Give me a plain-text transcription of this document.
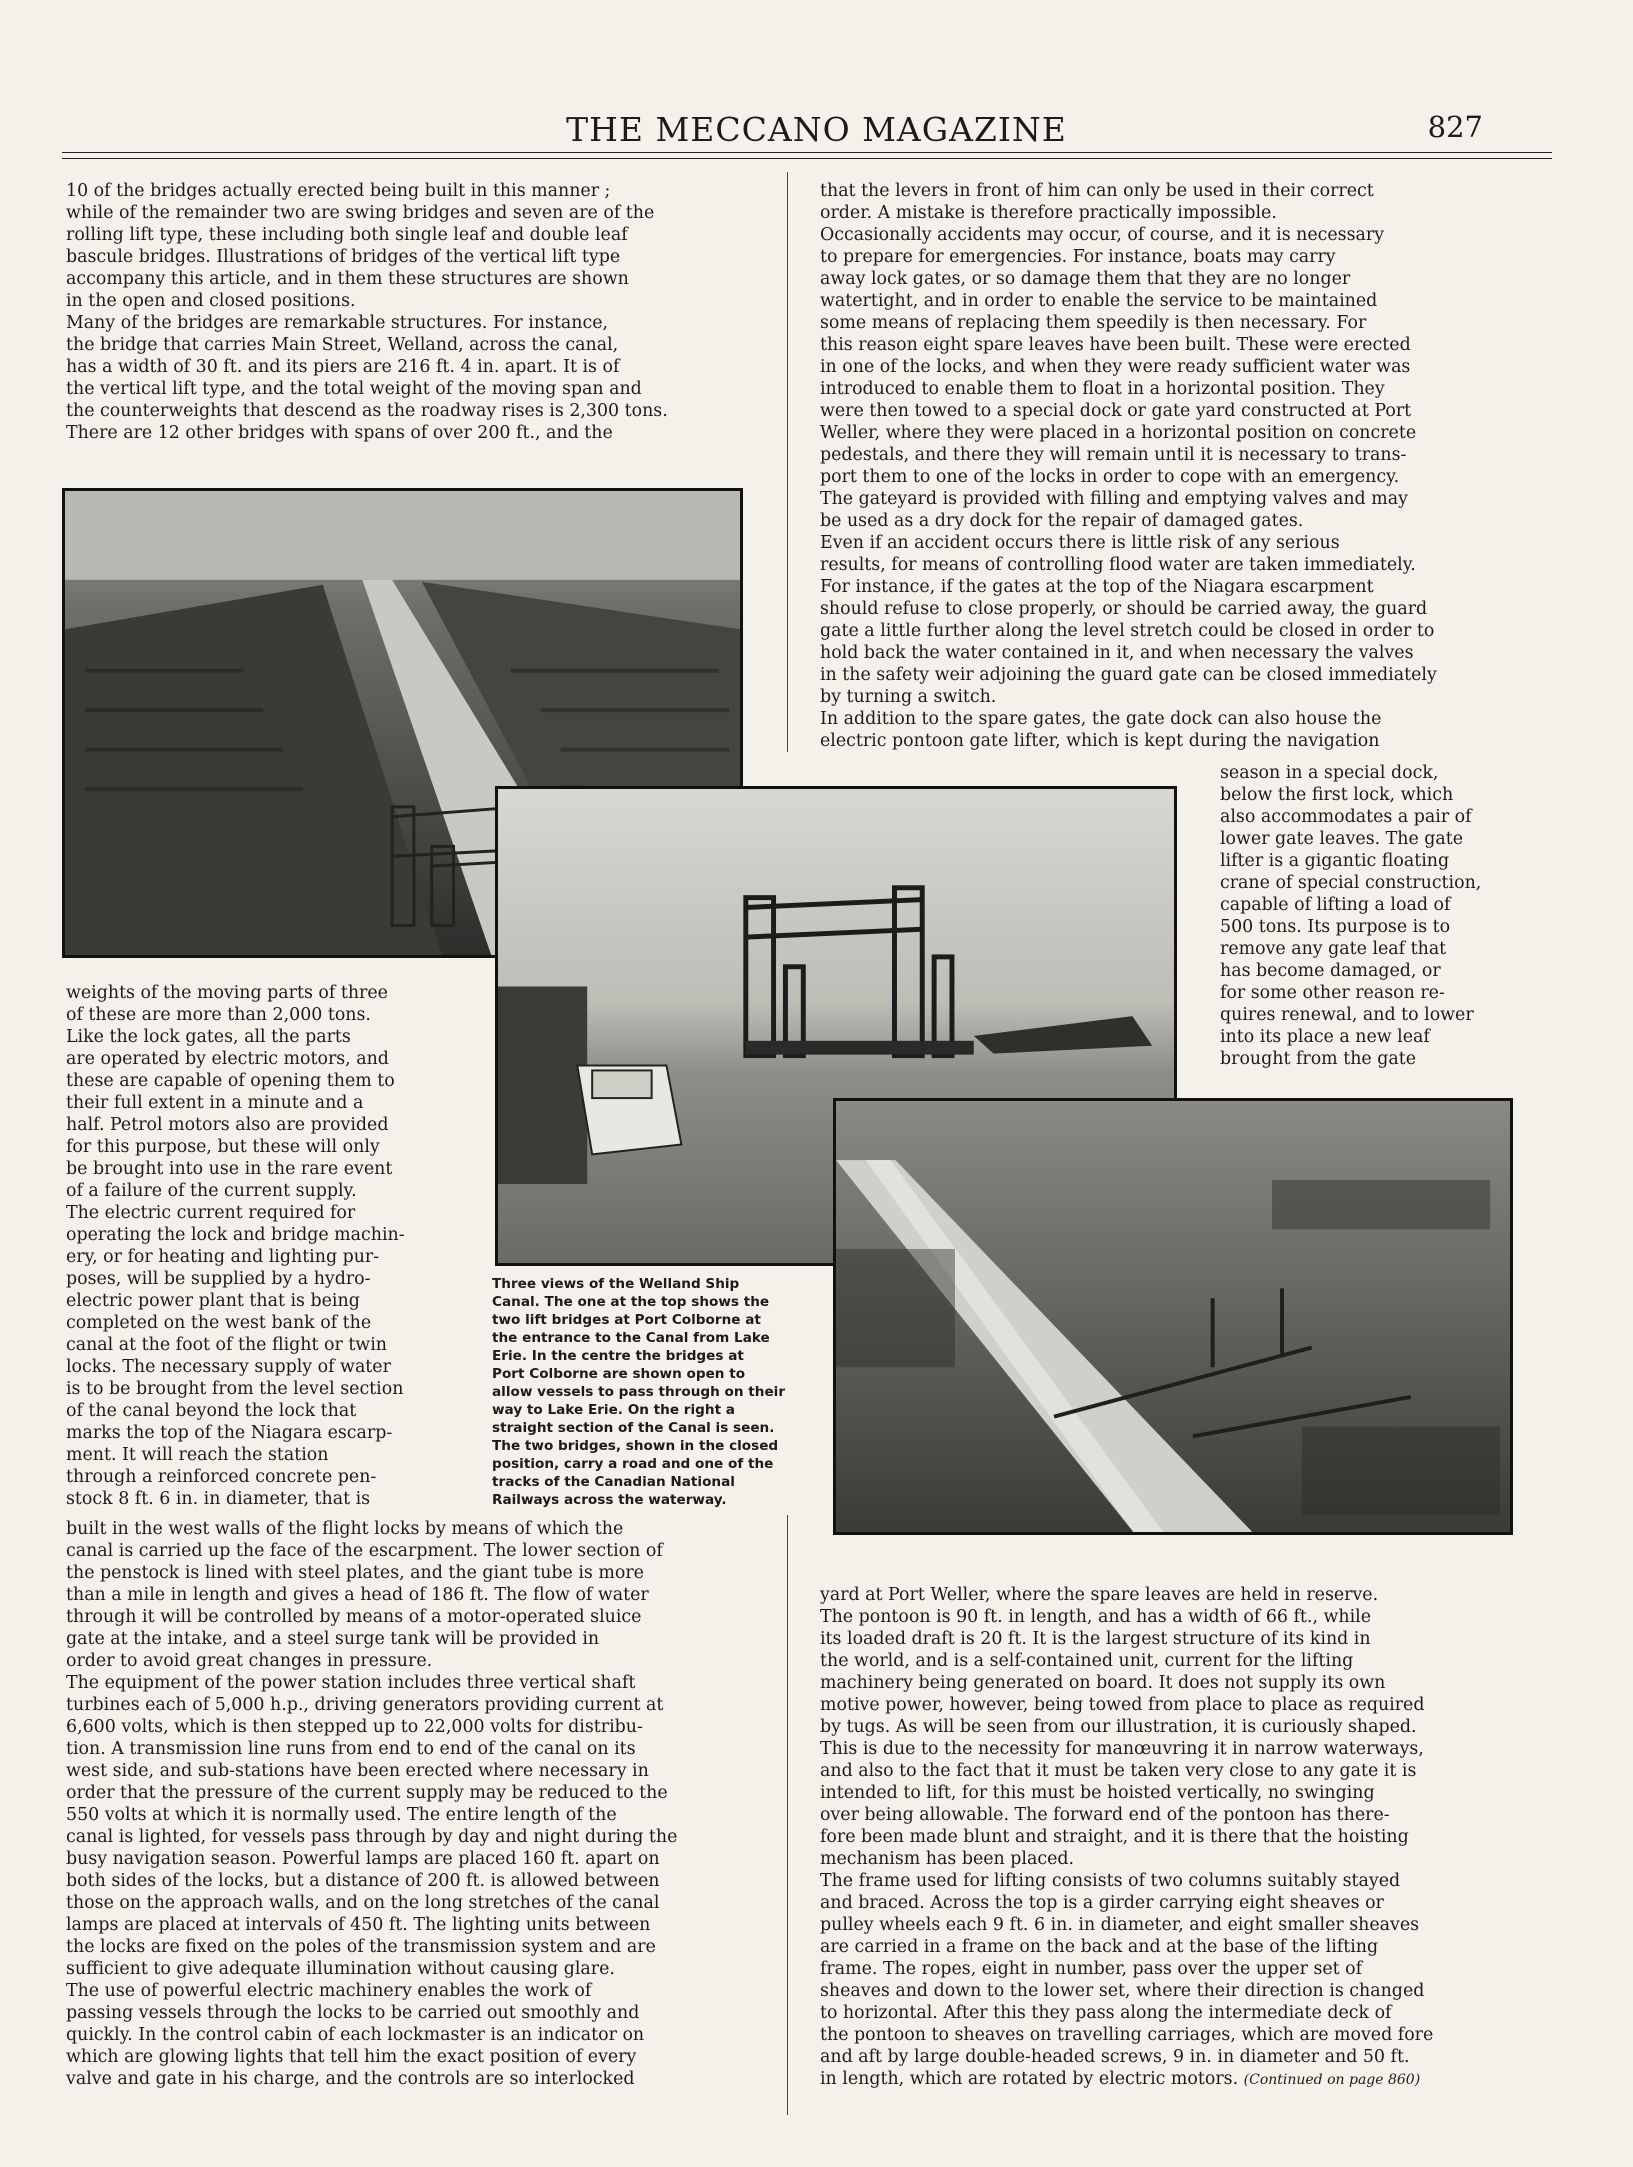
THE MECCANO MAGAZINE	827
10 of the bridges actually erected being built in this manner ;
while of the remainder two are swing bridges and seven are of the
rolling lift type, these including both single leaf and double leaf
bascule bridges. Illustrations of bridges of the vertical lift type
accompany this article, and in them these structures are shown
in the open and closed positions.
Many of the bridges are remarkable structures. For instance,
the bridge that carries Main Street, Welland, across the canal,
has a width of 30 ft. and its piers are 216 ft. 4 in. apart. It is of
the vertical lift type, and the total weight of the moving span and
the counterweights that descend as the roadway rises is 2,300 tons.
There are 12 other bridges with spans of over 200 ft., and the
weights of the moving parts of three
of these are more than 2,000 tons.
Like the lock gates, all the parts
are operated by electric motors, and
these are capable of opening them to
their full extent in a minute and a
half. Petrol motors also are provided
for this purpose, but these will only
be brought into use in the rare event
of a failure of the current supply.
The electric current required for
operating the lock and bridge machin-
ery, or for heating and lighting pur-
poses, will be supplied by a hydro-
electric power plant that is being
completed on the west bank of the
canal at the foot of the flight or twin
locks. The necessary supply of water
is to be brought from the level section
of the canal beyond the lock that
marks the top of the Niagara escarp-
ment. It will reach the station
through a reinforced concrete pen-
stock 8 ft. 6 in. in diameter, that is
built in the west walls of the flight locks by means of which the
canal is carried up the face of the escarpment. The lower section of
the penstock is lined with steel plates, and the giant tube is more
than a mile in length and gives a head of 186 ft. The flow of water
through it will be controlled by means of a motor-operated sluice
gate at the intake, and a steel surge tank will be provided in
order to avoid great changes in pressure.
The equipment of the power station includes three vertical shaft
turbines each of 5,000 h.p., driving generators providing current at
6,600 volts, which is then stepped up to 22,000 volts for distribu-
tion. A transmission line runs from end to end of the canal on its
west side, and sub-stations have been erected where necessary in
order that the pressure of the current supply may be reduced to the
550 volts at which it is normally used. The entire length of the
canal is lighted, for vessels pass through by day and night during the
busy navigation season. Powerful lamps are placed 160 ft. apart on
both sides of the locks, but a distance of 200 ft. is allowed between
those on the approach walls, and on the long stretches of the canal
lamps are placed at intervals of 450 ft. The lighting units between
the locks are fixed on the poles of the transmission system and are
sufficient to give adequate illumination without causing glare.
The use of powerful electric machinery enables the work of
passing vessels through the locks to be carried out smoothly and
quickly. In the control cabin of each lockmaster is an indicator on
which are glowing lights that tell him the exact position of every
valve and gate in his charge, and the controls are so interlocked
that the levers in front of him can only be used in their correct
order. A mistake is therefore practically impossible.
Occasionally accidents may occur, of course, and it is necessary
to prepare for emergencies. For instance, boats may carry
away lock gates, or so damage them that they are no longer
watertight, and in order to enable the service to be maintained
some means of replacing them speedily is then necessary. For
this reason eight spare leaves have been built. These were erected
in one of the locks, and when they were ready sufficient water was
introduced to enable them to float in a horizontal position. They
were then towed to a special dock or gate yard constructed at Port
Weller, where they were placed in a horizontal position on concrete
pedestals, and there they will remain until it is necessary to trans-
port them to one of the locks in order to cope with an emergency.
The gateyard is provided with filling and emptying valves and may
be used as a dry dock for the repair of damaged gates.
Even if an accident occurs there is little risk of any serious
results, for means of controlling flood water are taken immediately.
For instance, if the gates at the top of the Niagara escarpment
should refuse to close properly, or should be carried away, the guard
gate a little further along the level stretch could be closed in order to
hold back the water contained in it, and when necessary the valves
in the safety weir adjoining the guard gate can be closed immediately
by turning a switch.
In addition to the spare gates, the gate dock can also house the
electric pontoon gate lifter, which is kept during the navigation
season in a special dock,
below the first lock, which
also accommodates a pair of
lower gate leaves. The gate
lifter is a gigantic floating
crane of special construction,
capable of lifting a load of
500 tons. Its purpose is to
remove any gate leaf that
has become damaged, or
for some other reason re-
quires renewal, and to lower
into its place a new leaf
brought from the gate
yard at Port Weller, where the spare leaves are held in reserve.
The pontoon is 90 ft. in length, and has a width of 66 ft., while
its loaded draft is 20 ft. It is the largest structure of its kind in
the world, and is a self-contained unit, current for the lifting
machinery being generated on board. It does not supply its own
motive power, however, being towed from place to place as required
by tugs. As will be seen from our illustration, it is curiously shaped.
This is due to the necessity for manœuvring it in narrow waterways,
and also to the fact that it must be taken very close to any gate it is
intended to lift, for this must be hoisted vertically, no swinging
over being allowable. The forward end of the pontoon has there-
fore been made blunt and straight, and it is there that the hoisting
mechanism has been placed.
The frame used for lifting consists of two columns suitably stayed
and braced. Across the top is a girder carrying eight sheaves or
pulley wheels each 9 ft. 6 in. in diameter, and eight smaller sheaves
are carried in a frame on the back and at the base of the lifting
frame. The ropes, eight in number, pass over the upper set of
sheaves and down to the lower set, where their direction is changed
to horizontal. After this they pass along the intermediate deck of
the pontoon to sheaves on travelling carriages, which are moved fore
and aft by large double-headed screws, 9 in. in diameter and 50 ft.
in length, which are rotated by electric motors. (Continued on page 860)
Three views of the Welland Ship
Canal. The one at the top shows the
two lift bridges at Port Colborne at
the entrance to the Canal from Lake
Erie. In the centre the bridges at
Port Colborne are shown open to
allow vessels to pass through on their
way to Lake Erie. On the right a
straight section of the Canal is seen.
The two bridges, shown in the closed
position, carry a road and one of the
tracks of the Canadian National
Railways across the waterway.
